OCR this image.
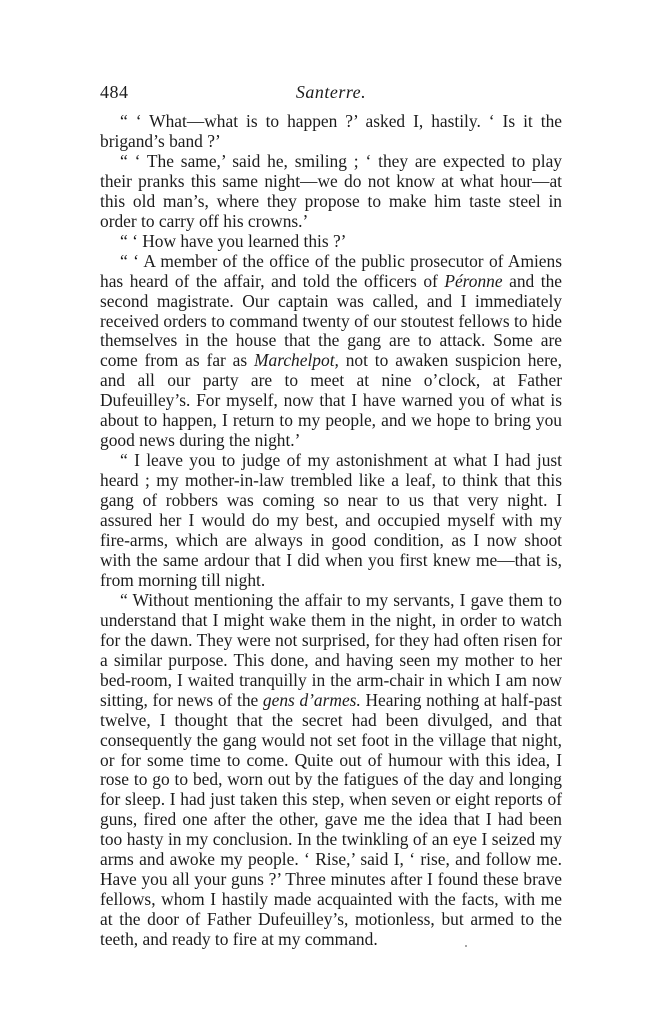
484	Santerre.

“ ‘ What—what is to happen ?’ asked I, hastily. ‘ Is it the brigand’s band ?’

“ ‘ The same,’ said he, smiling ; ‘ they are expected to play their pranks this same night—we do not know at what hour—at this old man’s, where they propose to make him taste steel in order to carry off his crowns.’

“ ‘ How have you learned this ?’

“ ‘ A member of the office of the public prosecutor of Amiens has heard of the affair, and told the officers of Péronne and the second magistrate. Our captain was called, and I immediately received orders to command twenty of our stoutest fellows to hide themselves in the house that the gang are to attack. Some are come from as far as Marchelpot, not to awaken suspicion here, and all our party are to meet at nine o’clock, at Father Dufeuilley’s. For myself, now that I have warned you of what is about to happen, I return to my people, and we hope to bring you good news during the night.’

“ I leave you to judge of my astonishment at what I had just heard ; my mother-in-law trembled like a leaf, to think that this gang of robbers was coming so near to us that very night. I assured her I would do my best, and occupied myself with my fire-arms, which are always in good condition, as I now shoot with the same ardour that I did when you first knew me—that is, from morning till night.

“ Without mentioning the affair to my servants, I gave them to understand that I might wake them in the night, in order to watch for the dawn. They were not surprised, for they had often risen for a similar purpose. This done, and having seen my mother to her bed-room, I waited tranquilly in the arm-chair in which I am now sitting, for news of the gens d’armes. Hearing nothing at half-past twelve, I thought that the secret had been divulged, and that consequently the gang would not set foot in the village that night, or for some time to come. Quite out of humour with this idea, I rose to go to bed, worn out by the fatigues of the day and longing for sleep. I had just taken this step, when seven or eight reports of guns, fired one after the other, gave me the idea that I had been too hasty in my conclusion. In the twinkling of an eye I seized my arms and awoke my people. ‘ Rise,’ said I, ‘ rise, and follow me. Have you all your guns ?’ Three minutes after I found these brave fellows, whom I hastily made acquainted with the facts, with me at the door of Father Dufeuilley’s, motionless, but armed to the teeth, and ready to fire at my command.
